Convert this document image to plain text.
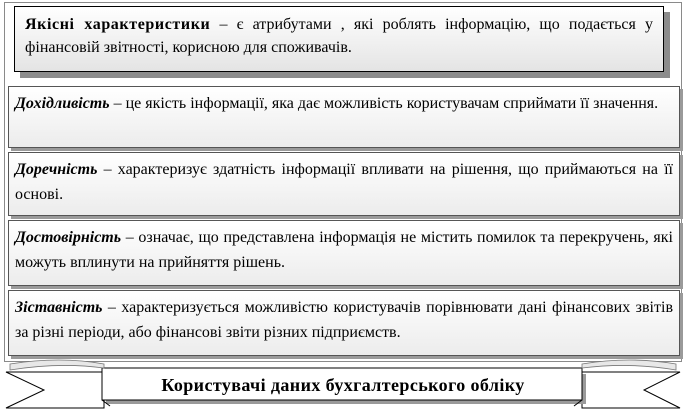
Якісні характеристики – є атрибутами , які роблять інформацію, що подається у фінансовій звітності, корисною для споживачів.
Дохідливість – це якість інформації, яка дає можливість користувачам сприймати її значення.
Доречність – характеризує здатність інформації впливати на рішення, що приймаються на її основі.
Достовірність – означає, що представлена інформація не містить помилок та перекручень, які можуть вплинути на прийняття рішень.
Зіставність – характеризується можливістю користувачів порівнювати дані фінансових звітів за різні періоди, або фінансові звіти різних підприємств.
Користувачі даних бухгалтерського обліку
